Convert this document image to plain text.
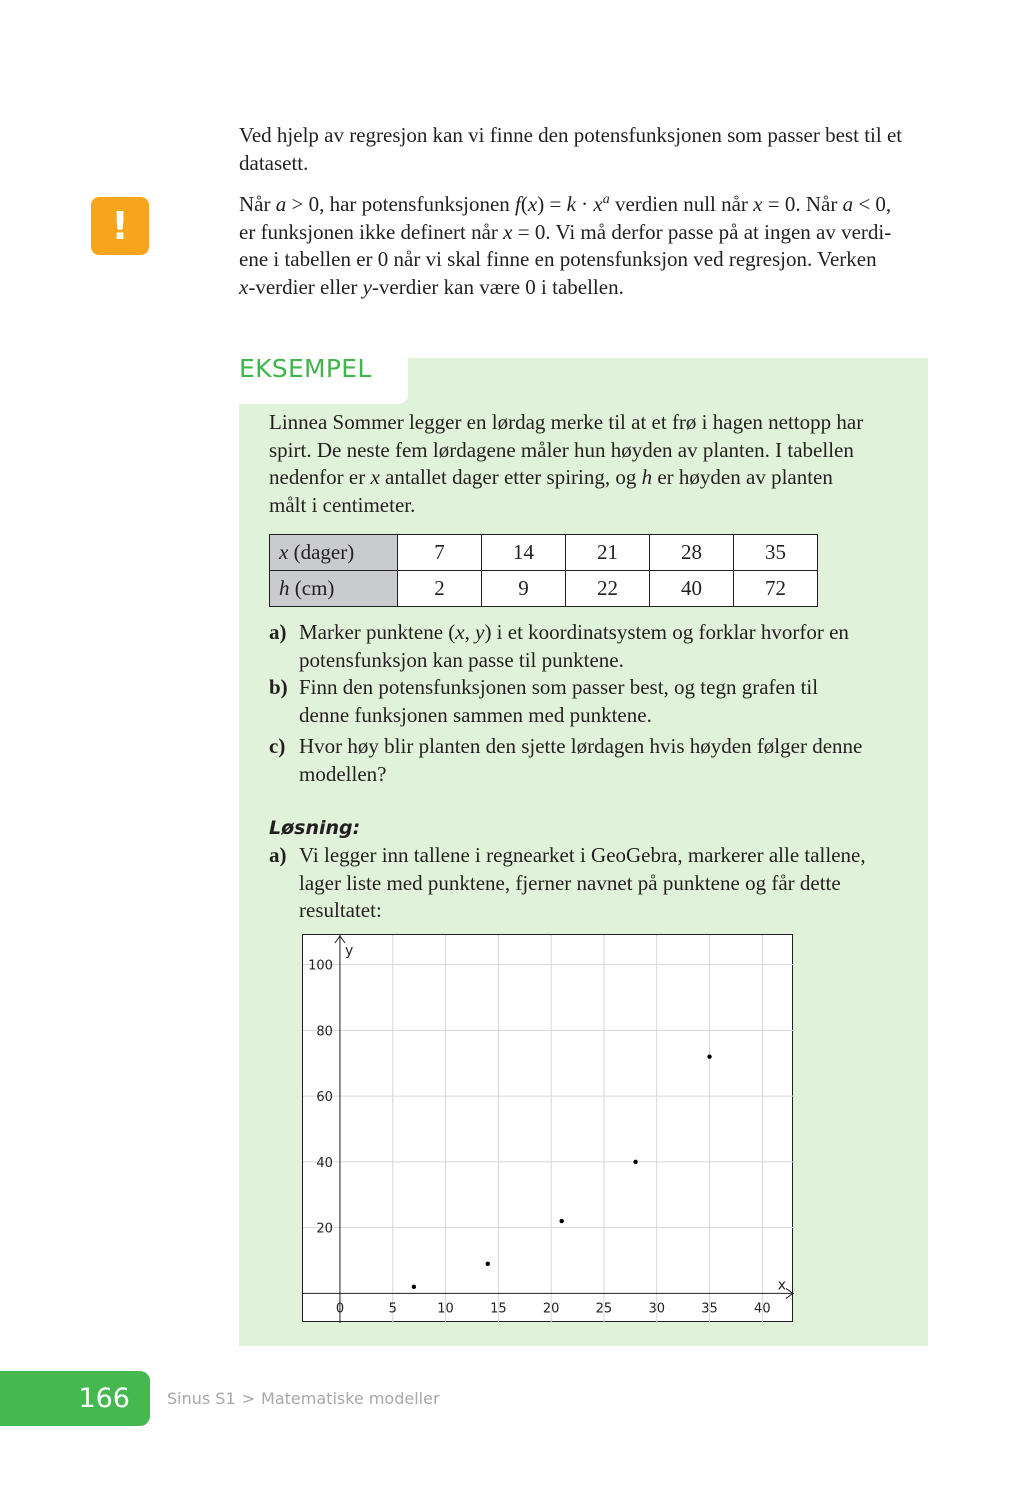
Ved hjelp av regresjon kan vi finne den potensfunksjonen som passer best til et datasett.

!	Når a > 0, har potensfunksjonen $f(x) = k \cdot x^a$ verdien null når x = 0. Når a < 0,
er funksjonen ikke definert når x = 0. Vi må derfor passe på at ingen av verdi-
ene i tabellen er 0 når vi skal finne en potensfunksjon ved regresjon. Verken
x-verdier eller y-verdier kan være 0 i tabellen.

EKSEMPEL

Linnea Sommer legger en lørdag merke til at et frø i hagen nettopp har
spirt. De neste fem lørdagene måler hun høyden av planten. I tabellen
nedenfor er x antallet dager etter spiring, og h er høyden av planten
målt i centimeter.

x (dager)	7	14	21	28	35
h (cm)	2	9	22	40	72
a) Marker punktene (x, y) i et koordinatsystem og forklar hvorfor en
potensfunksjon kan passe til punktene.
b) Finn den potensfunksjonen som passer best, og tegn grafen til
denne funksjonen sammen med punktene.
c) Hvor høy blir planten den sjette lørdagen hvis høyden følger denne
modellen?
Løsning:
a) Vi legger inn tallene i regnearket i GeoGebra, markerer alle tallene,
lager liste med punktene, fjerner navnet på punktene og får dette
resultatet:
0	5	10	15	20	25	30	35	40
20
40
60
80
100
x
y
166	Sinus S1 > Matematiske modeller
